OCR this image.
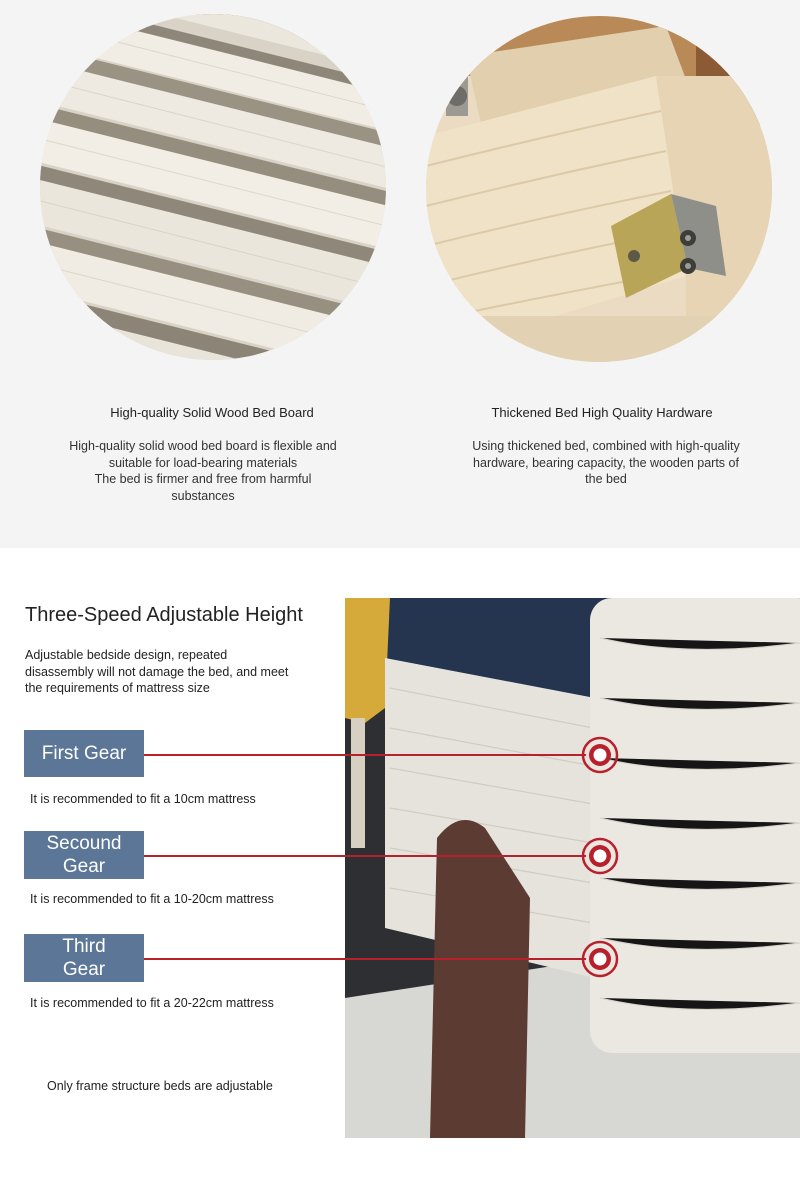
High-quality Solid Wood Bed Board
High-quality solid wood bed board is flexible and
suitable for load-bearing materials
The bed is firmer and free from harmful
substances
Thickened Bed High Quality Hardware
Using thickened bed, combined with high-quality
hardware, bearing capacity, the wooden parts of
the bed
Three-Speed Adjustable Height
Adjustable bedside design, repeated
disassembly will not damage the bed, and meet
the requirements of mattress size
First Gear
It is recommended to fit a 10cm mattress
Secound
Gear
It is recommended to fit a 10-20cm mattress
Third
Gear
It is recommended to fit a 20-22cm mattress
Only frame structure beds are adjustable
